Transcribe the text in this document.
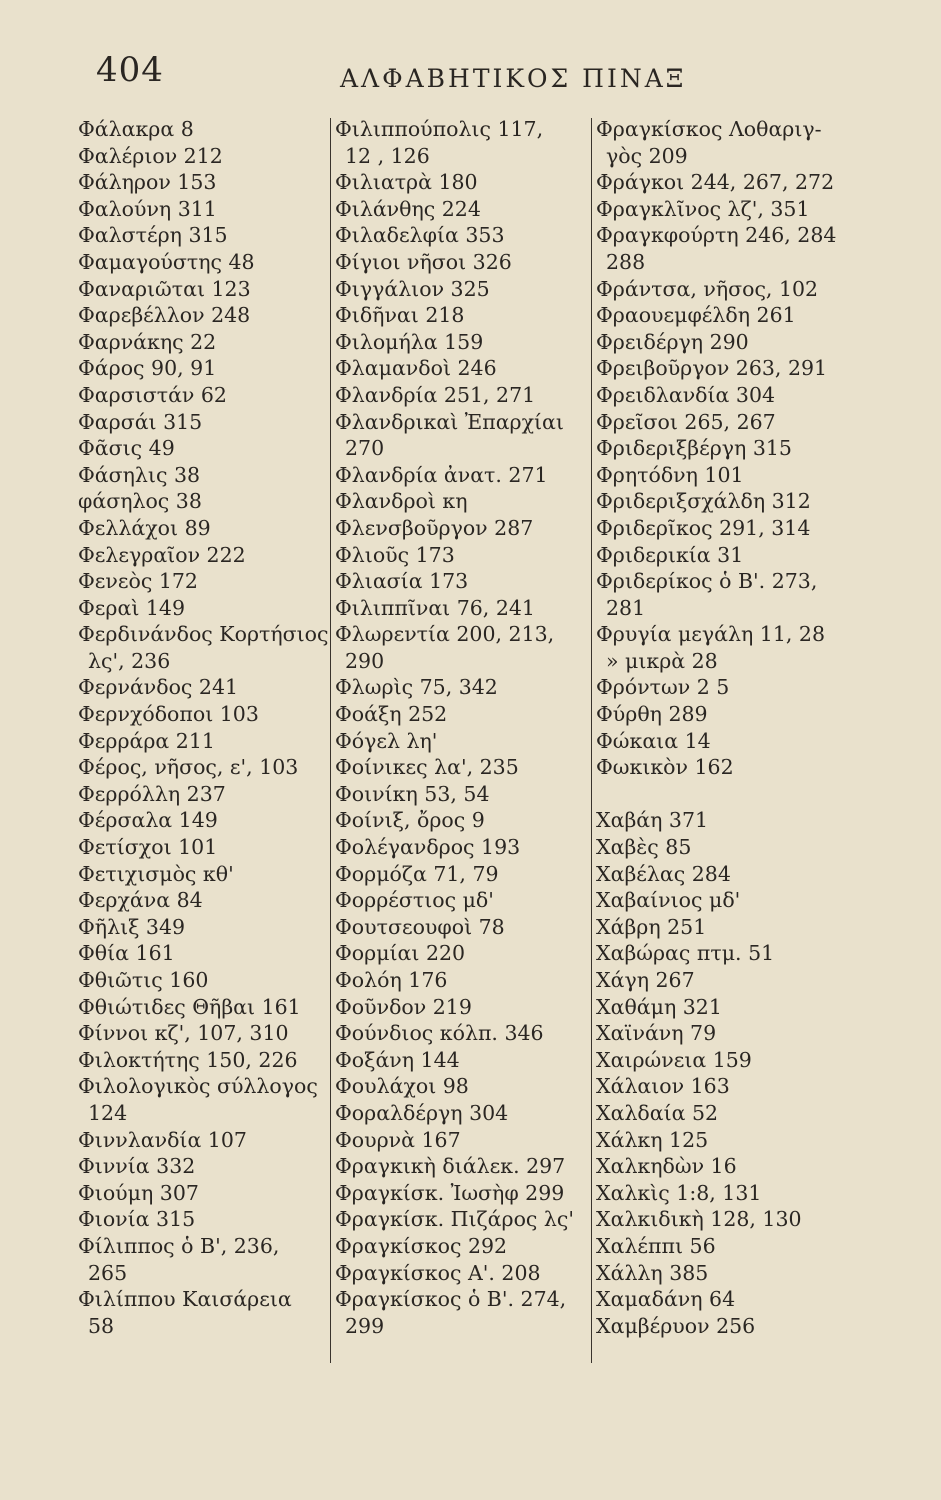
404	ΑΛΦΑΒΗΤΙΚΟΣ ΠΙΝΑΞ
Φάλακρα 8
Φαλέριον 212
Φάληρον 153
Φαλούνη 311
Φαλστέρη 315
Φαμαγούστης 48
Φαναριῶται 123
Φαρεβέλλον 248
Φαρνάκης 22
Φάρος 90, 91
Φαρσιστάν 62
Φαρσάι 315
Φᾶσις 49
Φάσηλις 38
φάσηλος 38
Φελλάχοι 89
Φελεγραῖον 222
Φενεὸς 172
Φεραὶ 149
Φερδινάνδος Κορτήσιος
λς', 236
Φερνάνδος 241
Φερνχόδοποι 103
Φερράρα 211
Φέρος, νῆσος, ε', 103
Φερρόλλη 237
Φέρσαλα 149
Φετίσχοι 101
Φετιχισμὸς κθ'
Φερχάνα 84
Φῆλιξ 349
Φθία 161
Φθιῶτις 160
Φθιώτιδες Θῆβαι 161
Φίννοι κζ', 107, 310
Φιλοκτήτης 150, 226
Φιλολογικὸς σύλλογος
124
Φιννλανδία 107
Φιννία 332
Φιούμη 307
Φιονία 315
Φίλιππος ὁ Β', 236,
265
Φιλίππου Καισάρεια
58
Φιλιππούπολις 117,
12 , 126
Φιλιατρὰ 180
Φιλάνθης 224
Φιλαδελφία 353
Φίγιοι νῆσοι 326
Φιγγάλιον 325
Φιδῆναι 218
Φιλομήλα 159
Φλαμανδοὶ 246
Φλανδρία 251, 271
Φλανδρικαὶ Ἐπαρχίαι
270
Φλανδρία ἀνατ. 271
Φλανδροὶ κη
Φλενσβοῦργον 287
Φλιοῦς 173
Φλιασία 173
Φιλιππῖναι 76, 241
Φλωρεντία 200, 213,
290
Φλωρὶς 75, 342
Φοάξη 252
Φόγελ λη'
Φοίνικες λα', 235
Φοινίκη 53, 54
Φοίνιξ, ὄρος 9
Φολέγανδρος 193
Φορμόζα 71, 79
Φορρέστιος μδ'
Φουτσεουφοὶ 78
Φορμίαι 220
Φολόη 176
Φοῦνδον 219
Φούνδιος κόλπ. 346
Φοξάνη 144
Φουλάχοι 98
Φοραλδέργη 304
Φουρνὰ 167
Φραγκικὴ διάλεκ. 297
Φραγκίσκ. Ἰωσὴφ 299
Φραγκίσκ. Πιζάρος λς'
Φραγκίσκος 292
Φραγκίσκος Α'. 208
Φραγκίσκος ὁ Β'. 274,
299
Φραγκίσκος Λοθαριγ-
γὸς 209
Φράγκοι 244, 267, 272
Φραγκλῖνος λζ', 351
Φραγκφούρτη 246, 284
288
Φράντσα, νῆσος, 102
Φραουεμφέλδη 261
Φρειδέργη 290
Φρειβοῦργον 263, 291
Φρειδλανδία 304
Φρεῖσοι 265, 267
Φριδεριξβέργη 315
Φρητόδνη 101
Φριδεριξσχάλδη 312
Φριδερῖκος 291, 314
Φριδερικία 31
Φριδερίκος ὁ Β'. 273,
281
Φρυγία μεγάλη 11, 28
» μικρὰ 28
Φρόντων 2 5
Φύρθη 289
Φώκαια 14
Φωκικὸν 162
Χαβάη 371
Χαβὲς 85
Χαβέλας 284
Χαβαίνιος μδ'
Χάβρη 251
Χαβώρας πτμ. 51
Χάγη 267
Χαθάμη 321
Χαϊνάνη 79
Χαιρώνεια 159
Χάλαιον 163
Χαλδαία 52
Χάλκη 125
Χαλκηδὼν 16
Χαλκὶς 1:8, 131
Χαλκιδικὴ 128, 130
Χαλέππι 56
Χάλλη 385
Χαμαδάνη 64
Χαμβέρυον 256
